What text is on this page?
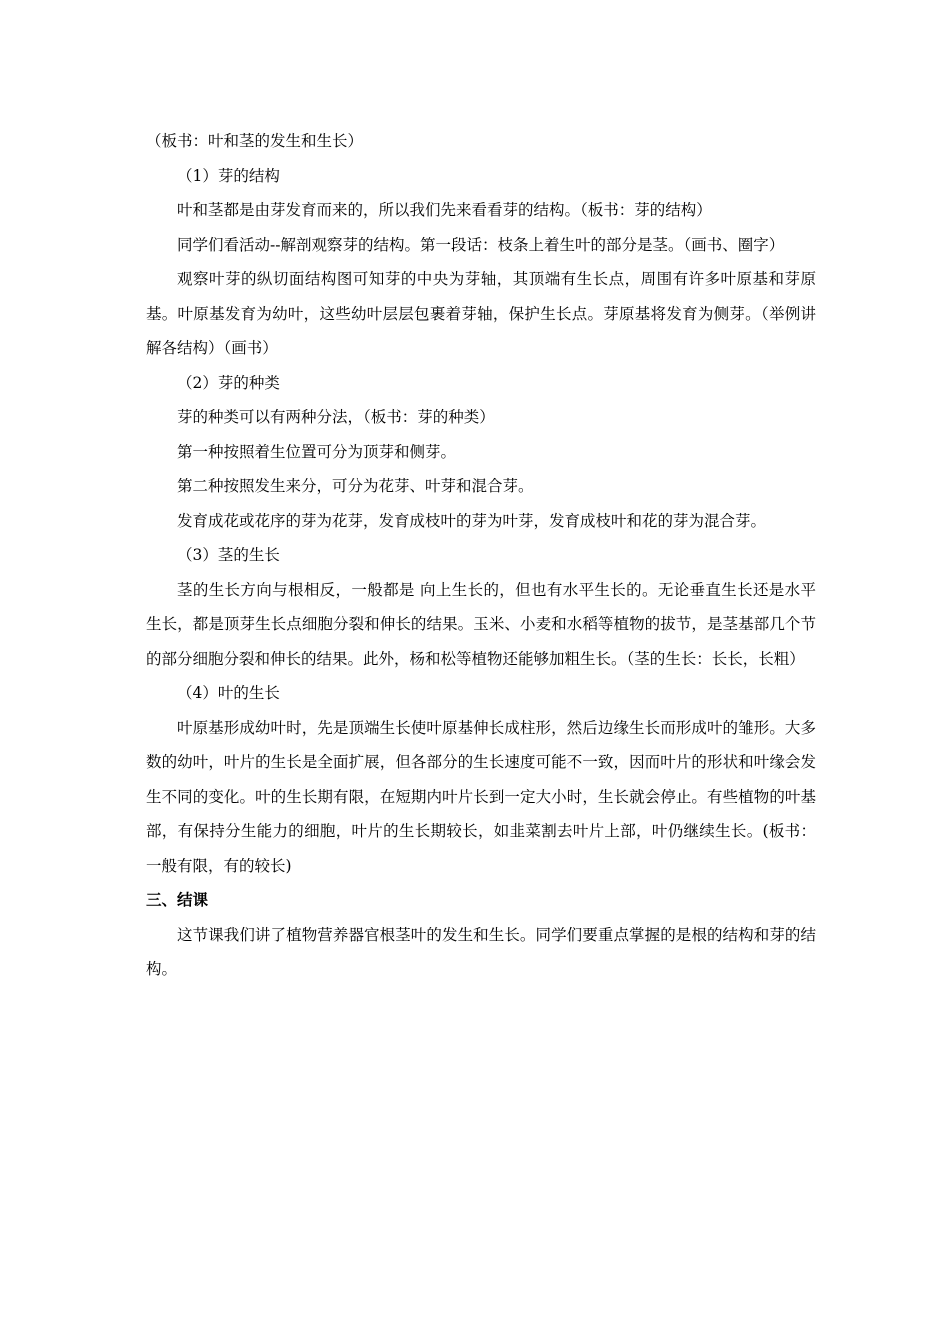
（板书：叶和茎的发生和生长）

（1）芽的结构

叶和茎都是由芽发育而来的，所以我们先来看看芽的结构。（板书：芽的结构）

同学们看活动--解剖观察芽的结构。第一段话：枝条上着生叶的部分是茎。（画书、圈字）

观察叶芽的纵切面结构图可知芽的中央为芽轴，其顶端有生长点，周围有许多叶原基和芽原基。叶原基发育为幼叶，这些幼叶层层包裹着芽轴，保护生长点。芽原基将发育为侧芽。（举例讲解各结构）（画书）

（2）芽的种类

芽的种类可以有两种分法，（板书：芽的种类）

第一种按照着生位置可分为顶芽和侧芽。

第二种按照发生来分，可分为花芽、叶芽和混合芽。

发育成花或花序的芽为花芽，发育成枝叶的芽为叶芽，发育成枝叶和花的芽为混合芽。

（3）茎的生长

茎的生长方向与根相反，一般都是 向上生长的，但也有水平生长的。无论垂直生长还是水平生长，都是顶芽生长点细胞分裂和伸长的结果。玉米、小麦和水稻等植物的拔节，是茎基部几个节的部分细胞分裂和伸长的结果。此外，杨和松等植物还能够加粗生长。（茎的生长：长长，长粗）

（4）叶的生长

叶原基形成幼叶时，先是顶端生长使叶原基伸长成柱形，然后边缘生长而形成叶的雏形。大多数的幼叶，叶片的生长是全面扩展，但各部分的生长速度可能不一致，因而叶片的形状和叶缘会发生不同的变化。叶的生长期有限，在短期内叶片长到一定大小时，生长就会停止。有些植物的叶基部，有保持分生能力的细胞，叶片的生长期较长，如韭菜割去叶片上部，叶仍继续生长。(板书：一般有限，有的较长)

三、结课

这节课我们讲了植物营养器官根茎叶的发生和生长。同学们要重点掌握的是根的结构和芽的结构。
